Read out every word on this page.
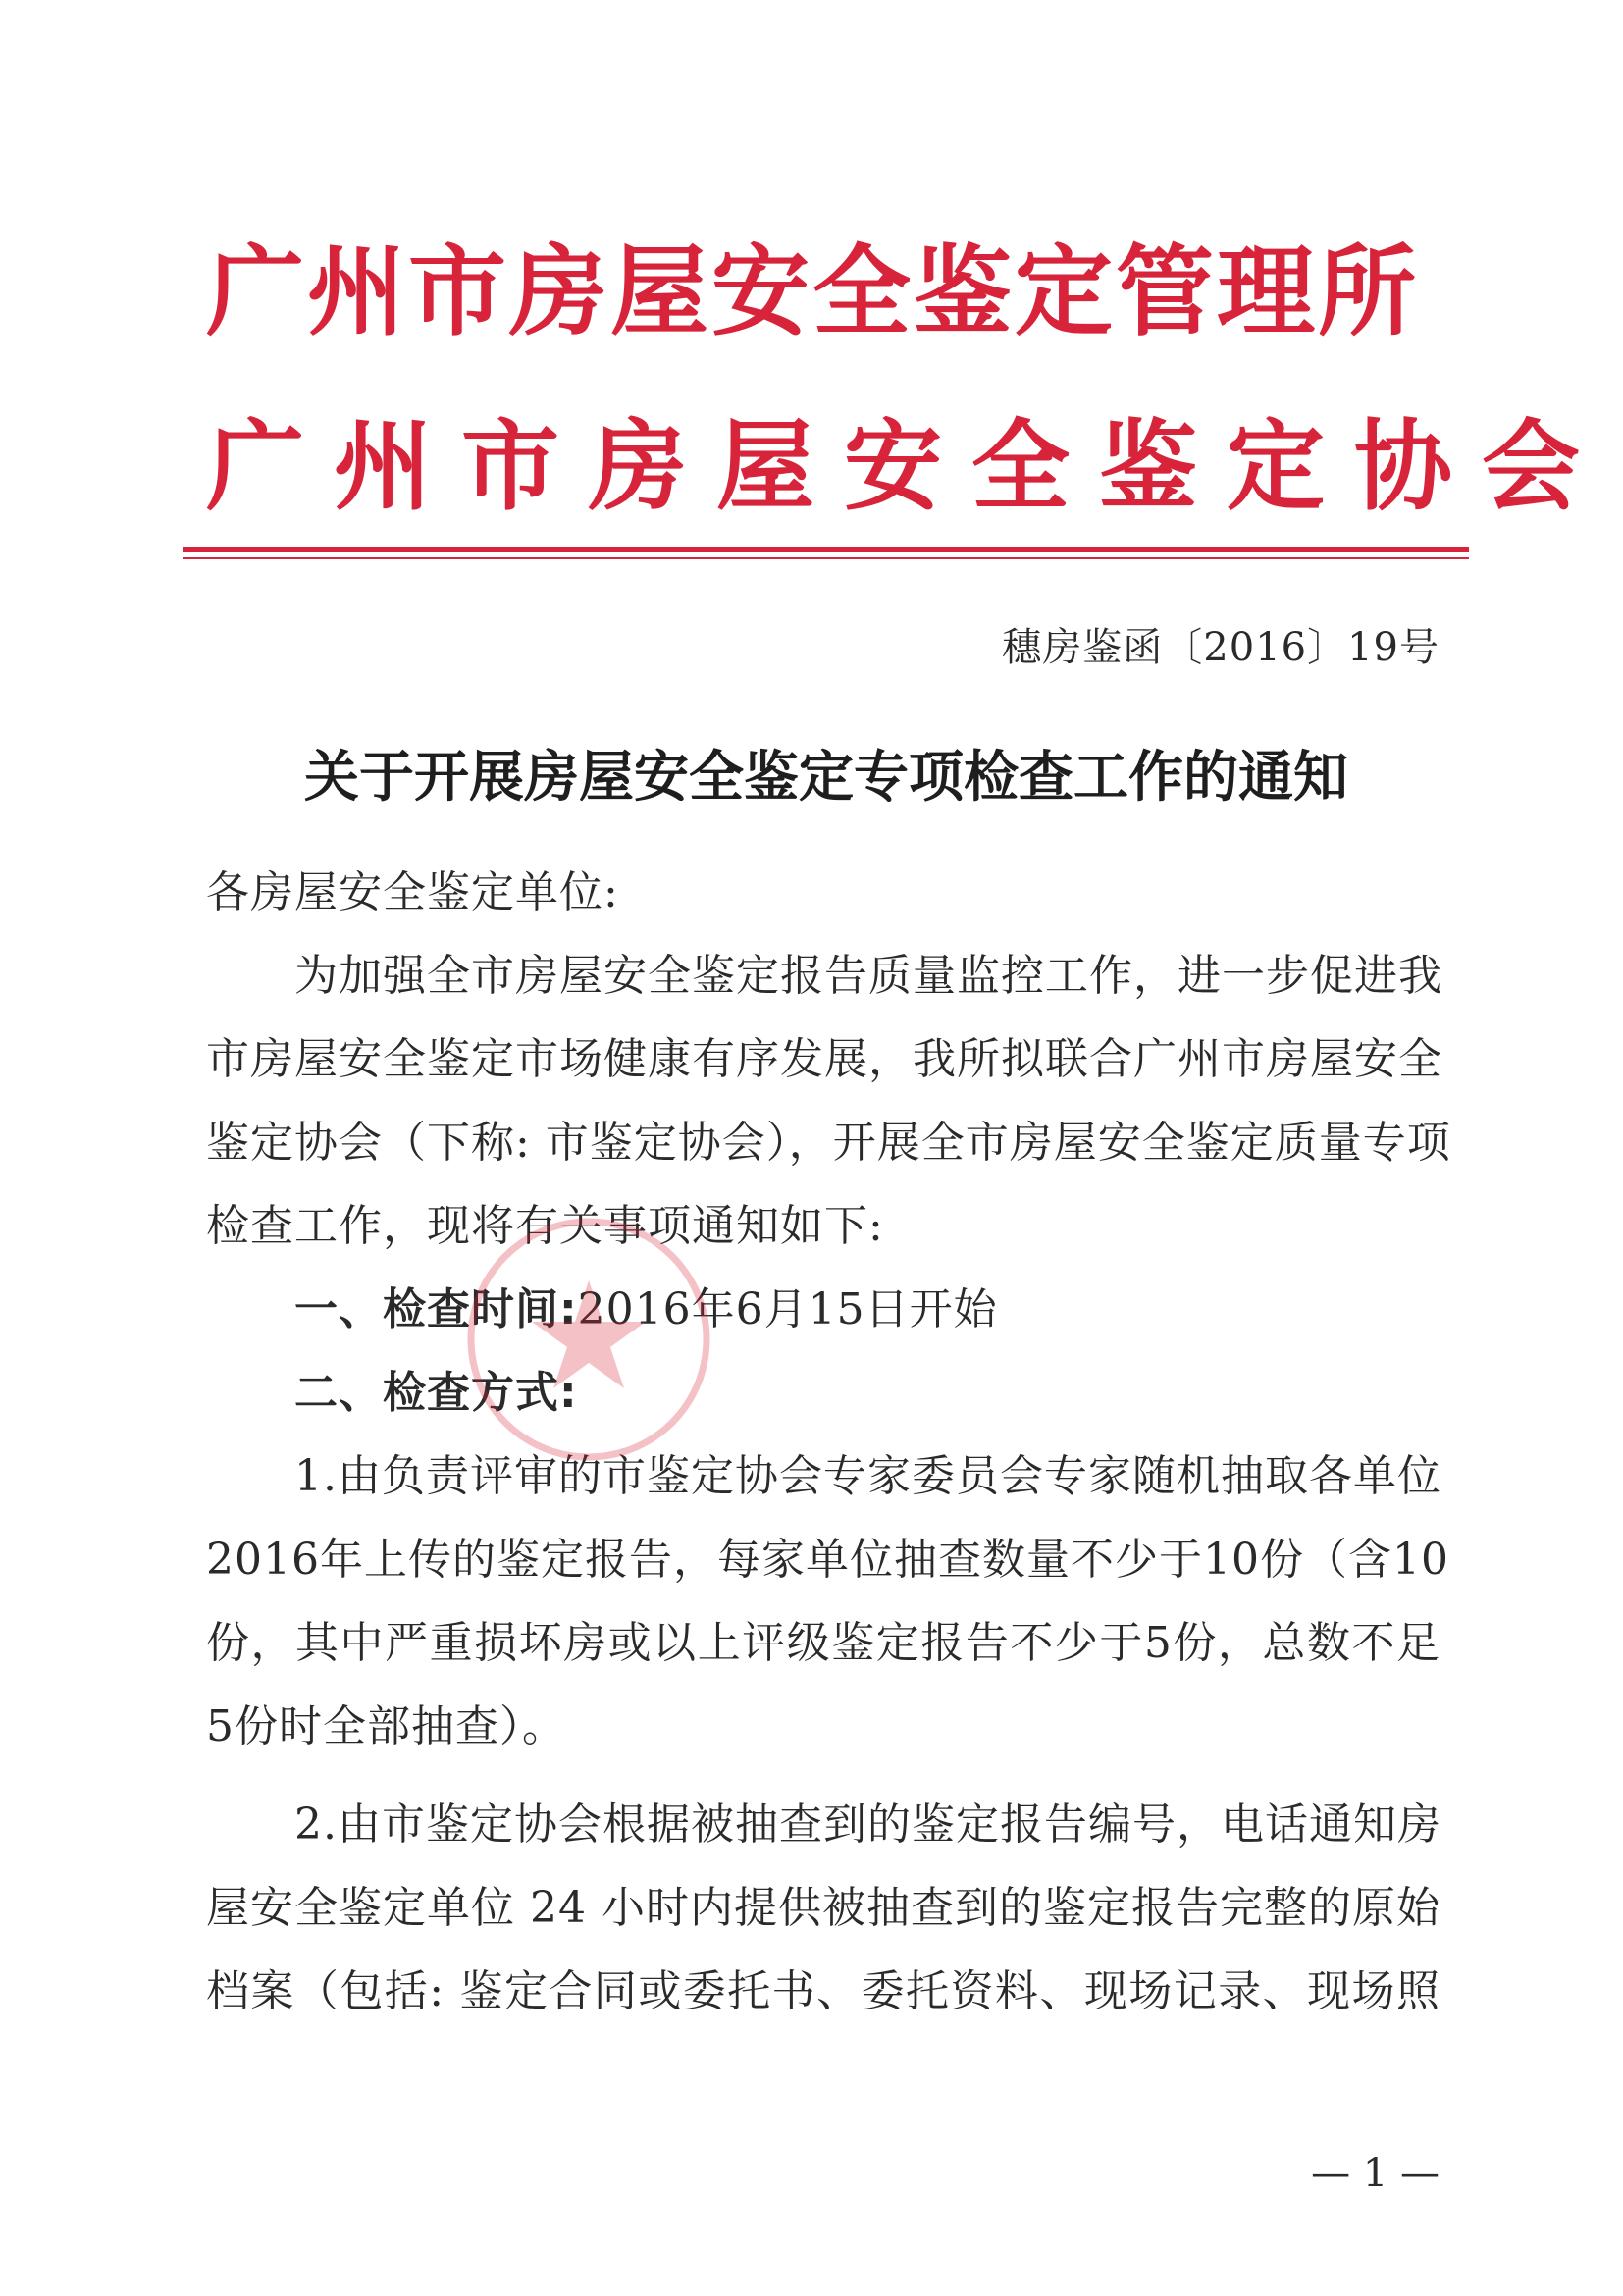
广州市房屋安全鉴定管理所
广州市房屋安全鉴定协会
穗房鉴函〔2016〕19号
关于开展房屋安全鉴定专项检查工作的通知
各房屋安全鉴定单位:
为加强全市房屋安全鉴定报告质量监控工作，进一步促进我
市房屋安全鉴定市场健康有序发展，我所拟联合广州市房屋安全
鉴定协会（下称: 市鉴定协会），开展全市房屋安全鉴定质量专项
检查工作，现将有关事项通知如下:
一、检查时间:2016年6月15日开始
二、检查方式:
1.由负责评审的市鉴定协会专家委员会专家随机抽取各单位
2016年上传的鉴定报告，每家单位抽查数量不少于10份（含10
份，其中严重损坏房或以上评级鉴定报告不少于5份，总数不足
5份时全部抽查）。
2.由市鉴定协会根据被抽查到的鉴定报告编号，电话通知房
屋安全鉴定单位 24 小时内提供被抽查到的鉴定报告完整的原始
档案（包括: 鉴定合同或委托书、委托资料、现场记录、现场照
— 1 —
